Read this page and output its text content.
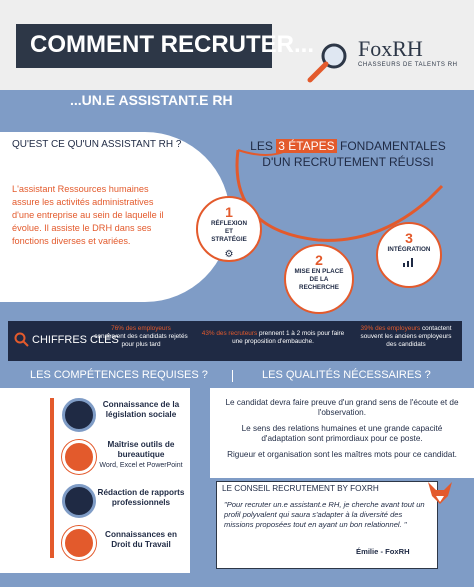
COMMENT RECRUTER... FoxRH
CHASSEURS DE TALENTS RH
...UN.E ASSISTANT.E RH
QU'EST CE QU'UN ASSISTANT RH ?
L'assistant Ressources humaines assure les activités administratives d'une entreprise au sein de laquelle il évolue. Il assiste le DRH dans ses fonctions diverses et variées.
LES 3 ÉTAPES FONDAMENTALES
D'UN RECRUTEMENT RÉUSSI
1
RÉFLEXION ET STRATÉGIE
⚙	2
MISE EN PLACE DE LA RECHERCHE
3
INTÉGRATION
CHIFFRES CLÉS
76% des employeurs
conservent des candidats rejetés pour plus tard
43% des recruteurs prennent 1 à 2 mois pour faire une proposition d'embauche.
39% des employeurs contactent souvent les anciens employeurs des candidats
LES COMPÉTENCES REQUISES ?	LES QUALITÉS NÉCESSAIRES ?
Connaissance de la législation sociale
Maîtrise outils de bureautique
Word, Excel et PowerPoint
Rédaction de rapports professionnels
Connaissances en Droit du Travail
Le candidat devra faire preuve d'un grand sens de l'écoute et de l'observation.
Le sens des relations humaines et une grande capacité d'adaptation sont primordiaux pour ce poste.
Rigueur et organisation sont les maîtres mots pour ce candidat.
LE CONSEIL RECRUTEMENT BY FOXRH
"Pour recruter un.e assistant.e RH, je cherche avant tout un profil polyvalent qui saura s'adapter à la diversité des missions proposées tout en ayant un bon relationnel. "
Émilie - FoxRH
